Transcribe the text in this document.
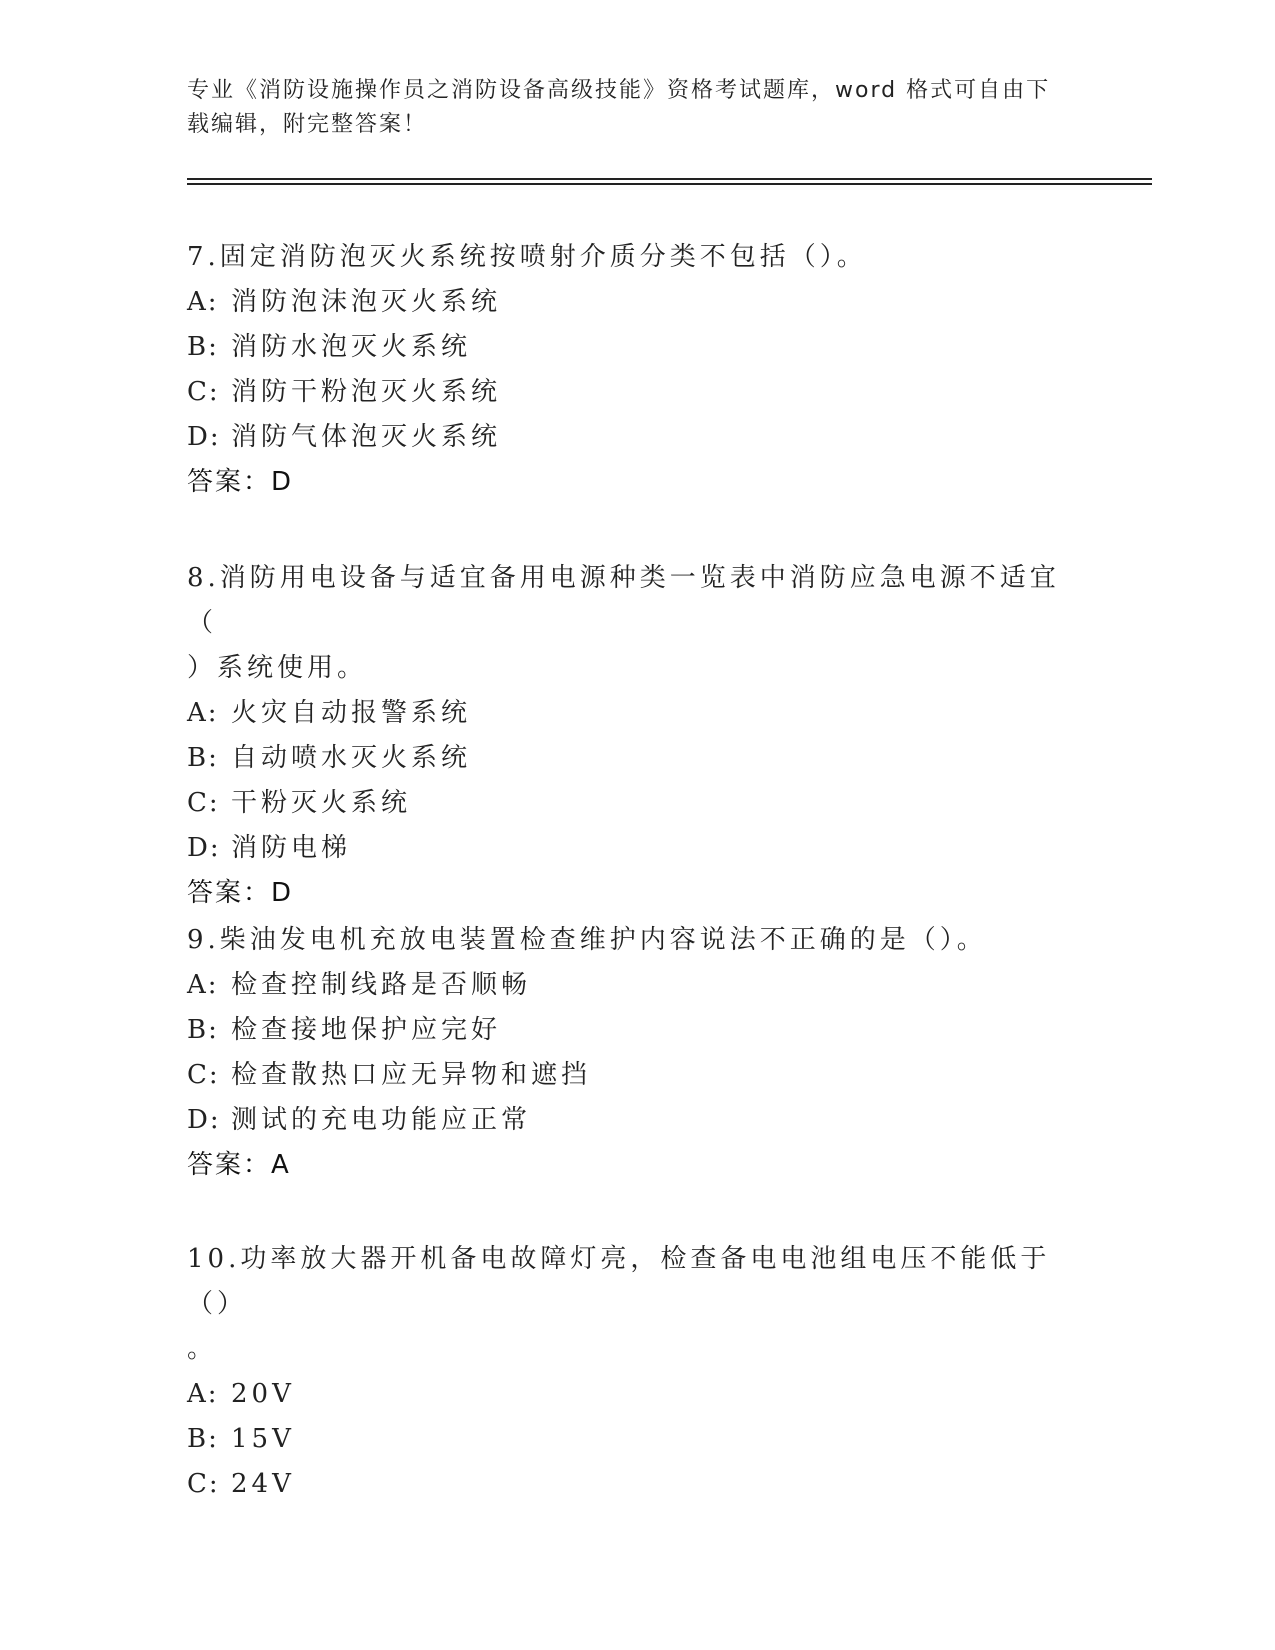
专业《消防设施操作员之消防设备高级技能》资格考试题库，word 格式可自由下
载编辑，附完整答案！
7.固定消防泡灭火系统按喷射介质分类不包括（）。
A: 消防泡沫泡灭火系统
B: 消防水泡灭火系统
C: 消防干粉泡灭火系统
D: 消防气体泡灭火系统
答案：D
8.消防用电设备与适宜备用电源种类一览表中消防应急电源不适宜（
）系统使用。
A: 火灾自动报警系统
B: 自动喷水灭火系统
C: 干粉灭火系统
D: 消防电梯
答案：D
9.柴油发电机充放电装置检查维护内容说法不正确的是（）。
A: 检查控制线路是否顺畅
B: 检查接地保护应完好
C: 检查散热口应无异物和遮挡
D: 测试的充电功能应正常
答案：A
10.功率放大器开机备电故障灯亮，检查备电电池组电压不能低于（）
。
A: 20V
B: 15V
C: 24V
